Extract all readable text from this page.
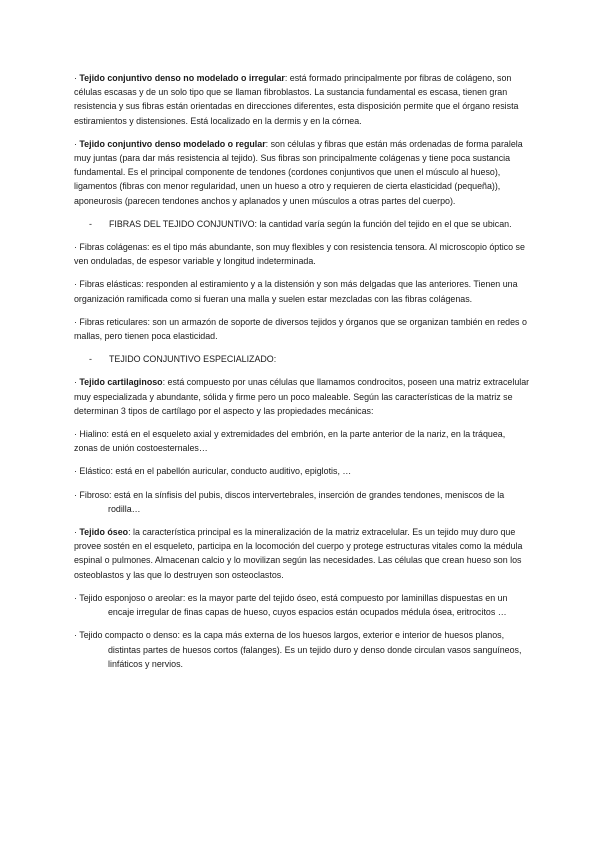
· Tejido conjuntivo denso no modelado o irregular: está formado principalmente por fibras de colágeno, son células escasas y de un solo tipo que se llaman fibroblastos. La sustancia fundamental es escasa, tienen gran resistencia y sus fibras están orientadas en direcciones diferentes, esta disposición permite que el órgano resista estiramientos y distensiones. Está localizado en la dermis y en la córnea.

· Tejido conjuntivo denso modelado o regular: son células y fibras que están más ordenadas de forma paralela muy juntas (para dar más resistencia al tejido). Sus fibras son principalmente colágenas y tiene poca sustancia fundamental. Es el principal componente de tendones (cordones conjuntivos que unen el músculo al hueso), ligamentos (fibras con menor regularidad, unen un hueso a otro y requieren de cierta elasticidad (pequeña)), aponeurosis (parecen tendones anchos y aplanados y unen músculos a otras partes del cuerpo).

- FIBRAS DEL TEJIDO CONJUNTIVO: la cantidad varía según la función del tejido en el que se ubican.

· Fibras colágenas: es el tipo más abundante, son muy flexibles y con resistencia tensora. Al microscopio óptico se ven onduladas, de espesor variable y longitud indeterminada.

· Fibras elásticas: responden al estiramiento y a la distensión y son más delgadas que las anteriores. Tienen una organización ramificada como si fueran una malla y suelen estar mezcladas con las fibras colágenas.

· Fibras reticulares: son un armazón de soporte de diversos tejidos y órganos que se organizan también en redes o mallas, pero tienen poca elasticidad.

- TEJIDO CONJUNTIVO ESPECIALIZADO:

· Tejido cartilaginoso: está compuesto por unas células que llamamos condrocitos, poseen una matriz extracelular muy especializada y abundante, sólida y firme pero un poco maleable. Según las características de la matriz se determinan 3 tipos de cartílago por el aspecto y las propiedades mecánicas:

· Hialino: está en el esqueleto axial y extremidades del embrión, en la parte anterior de la nariz, en la tráquea, zonas de unión costoesternales…

· Elástico: está en el pabellón auricular, conducto auditivo, epiglotis, …

· Fibroso: está en la sínfisis del pubis, discos intervertebrales, inserción de grandes tendones, meniscos de la rodilla…

· Tejido óseo: la característica principal es la mineralización de la matriz extracelular. Es un tejido muy duro que provee sostén en el esqueleto, participa en la locomoción del cuerpo y protege estructuras vitales como la médula espinal o pulmones. Almacenan calcio y lo movilizan según las necesidades. Las células que crean hueso son los osteoblastos y las que lo destruyen son osteoclastos.

· Tejido esponjoso o areolar: es la mayor parte del tejido óseo, está compuesto por laminillas dispuestas en un encaje irregular de finas capas de hueso, cuyos espacios están ocupados médula ósea, eritrocitos …

· Tejido compacto o denso: es la capa más externa de los huesos largos, exterior e interior de huesos planos, distintas partes de huesos cortos (falanges). Es un tejido duro y denso donde circulan vasos sanguíneos, linfáticos y nervios.
